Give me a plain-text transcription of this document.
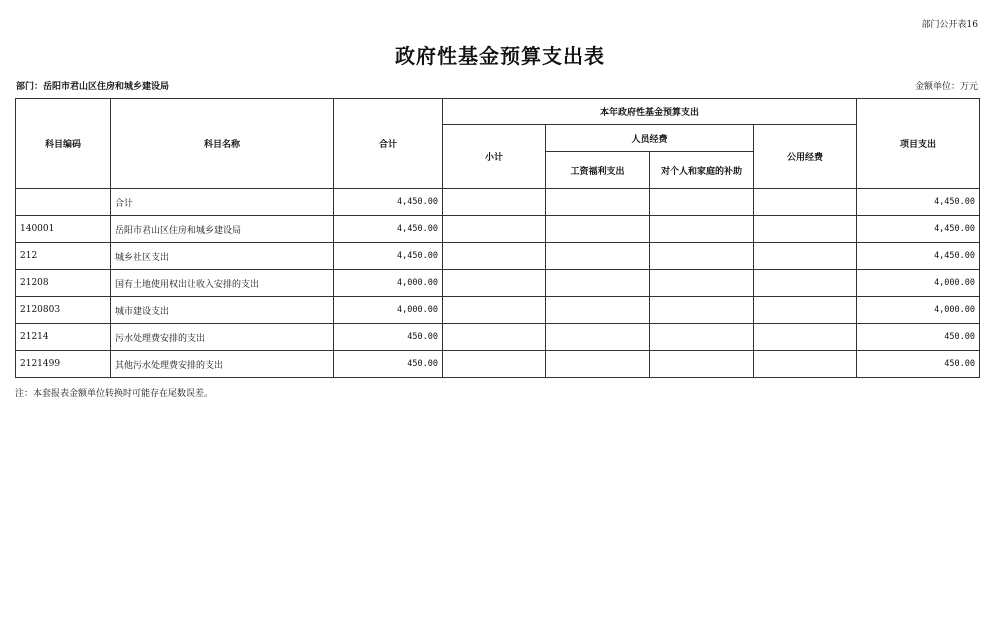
部门公开表16
政府性基金预算支出表
部门：岳阳市君山区住房和城乡建设局	金额单位：万元
科目编码	科目名称	合计	本年政府性基金预算支出				项目支出
			小计	人员经费		公用经费	
				工资福利支出	对个人和家庭的补助		
	合计	4,450.00					4,450.00
140001	岳阳市君山区住房和城乡建设局	4,450.00					4,450.00
212	城乡社区支出	4,450.00					4,450.00
21208	国有土地使用权出让收入安排的支出	4,000.00					4,000.00
2120803	城市建设支出	4,000.00					4,000.00
21214	污水处理费安排的支出	450.00					450.00
2121499	其他污水处理费安排的支出	450.00					450.00
注：本套报表金额单位转换时可能存在尾数误差。
